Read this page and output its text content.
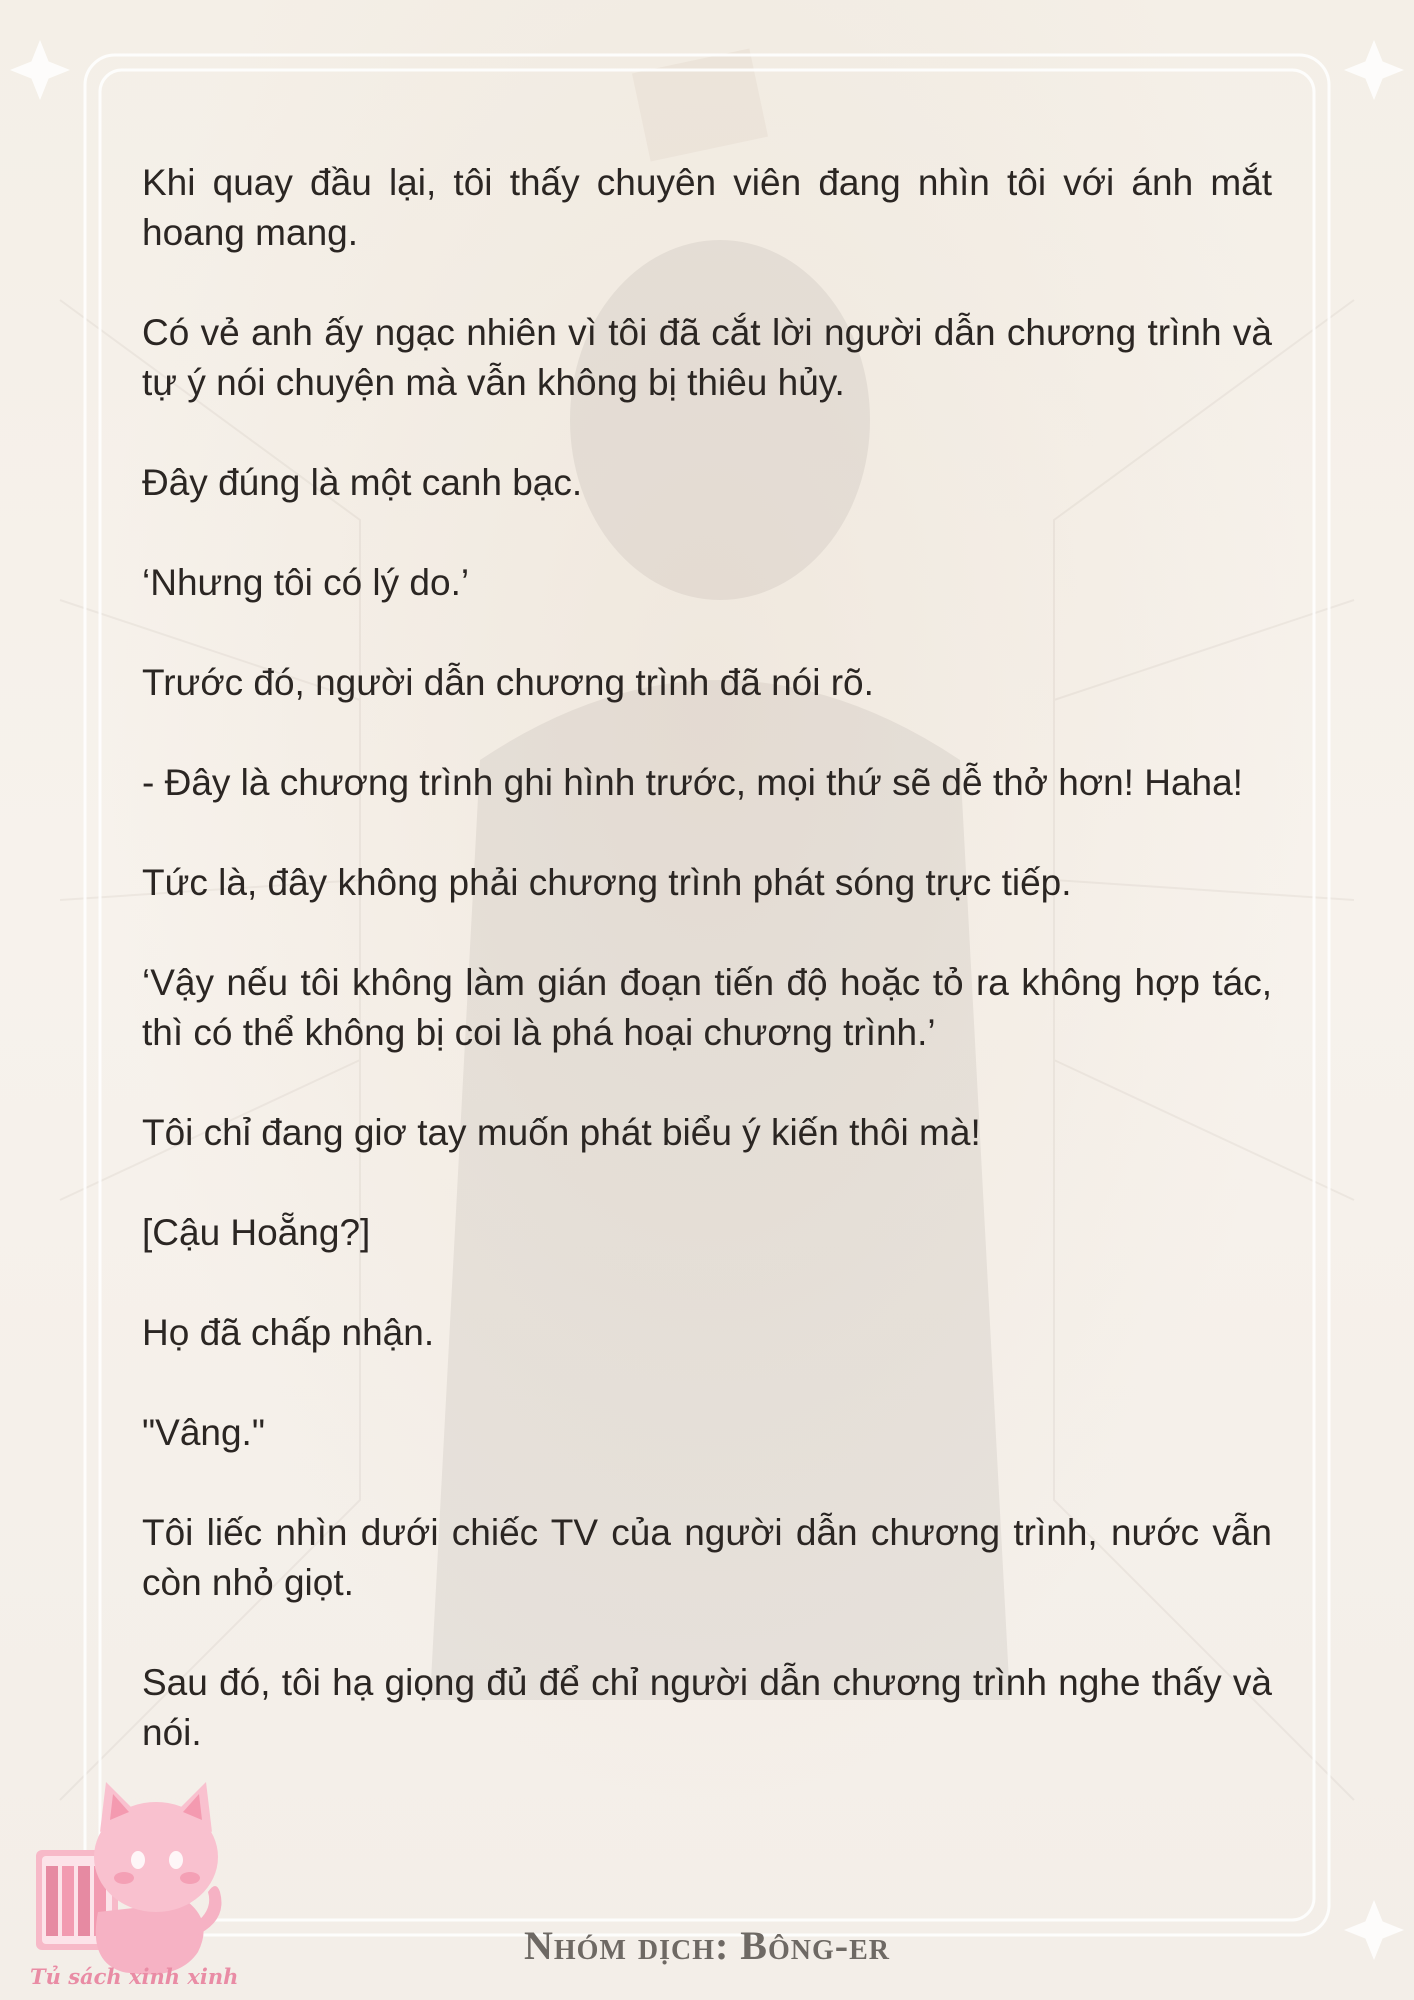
Khi quay đầu lại, tôi thấy chuyên viên đang nhìn tôi với ánh mắt hoang mang.

Có vẻ anh ấy ngạc nhiên vì tôi đã cắt lời người dẫn chương trình và tự ý nói chuyện mà vẫn không bị thiêu hủy.

Đây đúng là một canh bạc.

‘Nhưng tôi có lý do.’

Trước đó, người dẫn chương trình đã nói rõ.

- Đây là chương trình ghi hình trước, mọi thứ sẽ dễ thở hơn! Haha!

Tức là, đây không phải chương trình phát sóng trực tiếp.

‘Vậy nếu tôi không làm gián đoạn tiến độ hoặc tỏ ra không hợp tác, thì có thể không bị coi là phá hoại chương trình.’

Tôi chỉ đang giơ tay muốn phát biểu ý kiến thôi mà!

[Cậu Hoẵng?]

Họ đã chấp nhận.

"Vâng."

Tôi liếc nhìn dưới chiếc TV của người dẫn chương trình, nước vẫn còn nhỏ giọt.

Sau đó, tôi hạ giọng đủ để chỉ người dẫn chương trình nghe thấy và nói.

Tủ sách xinh xinh
Nhóm dịch: Bông-er
